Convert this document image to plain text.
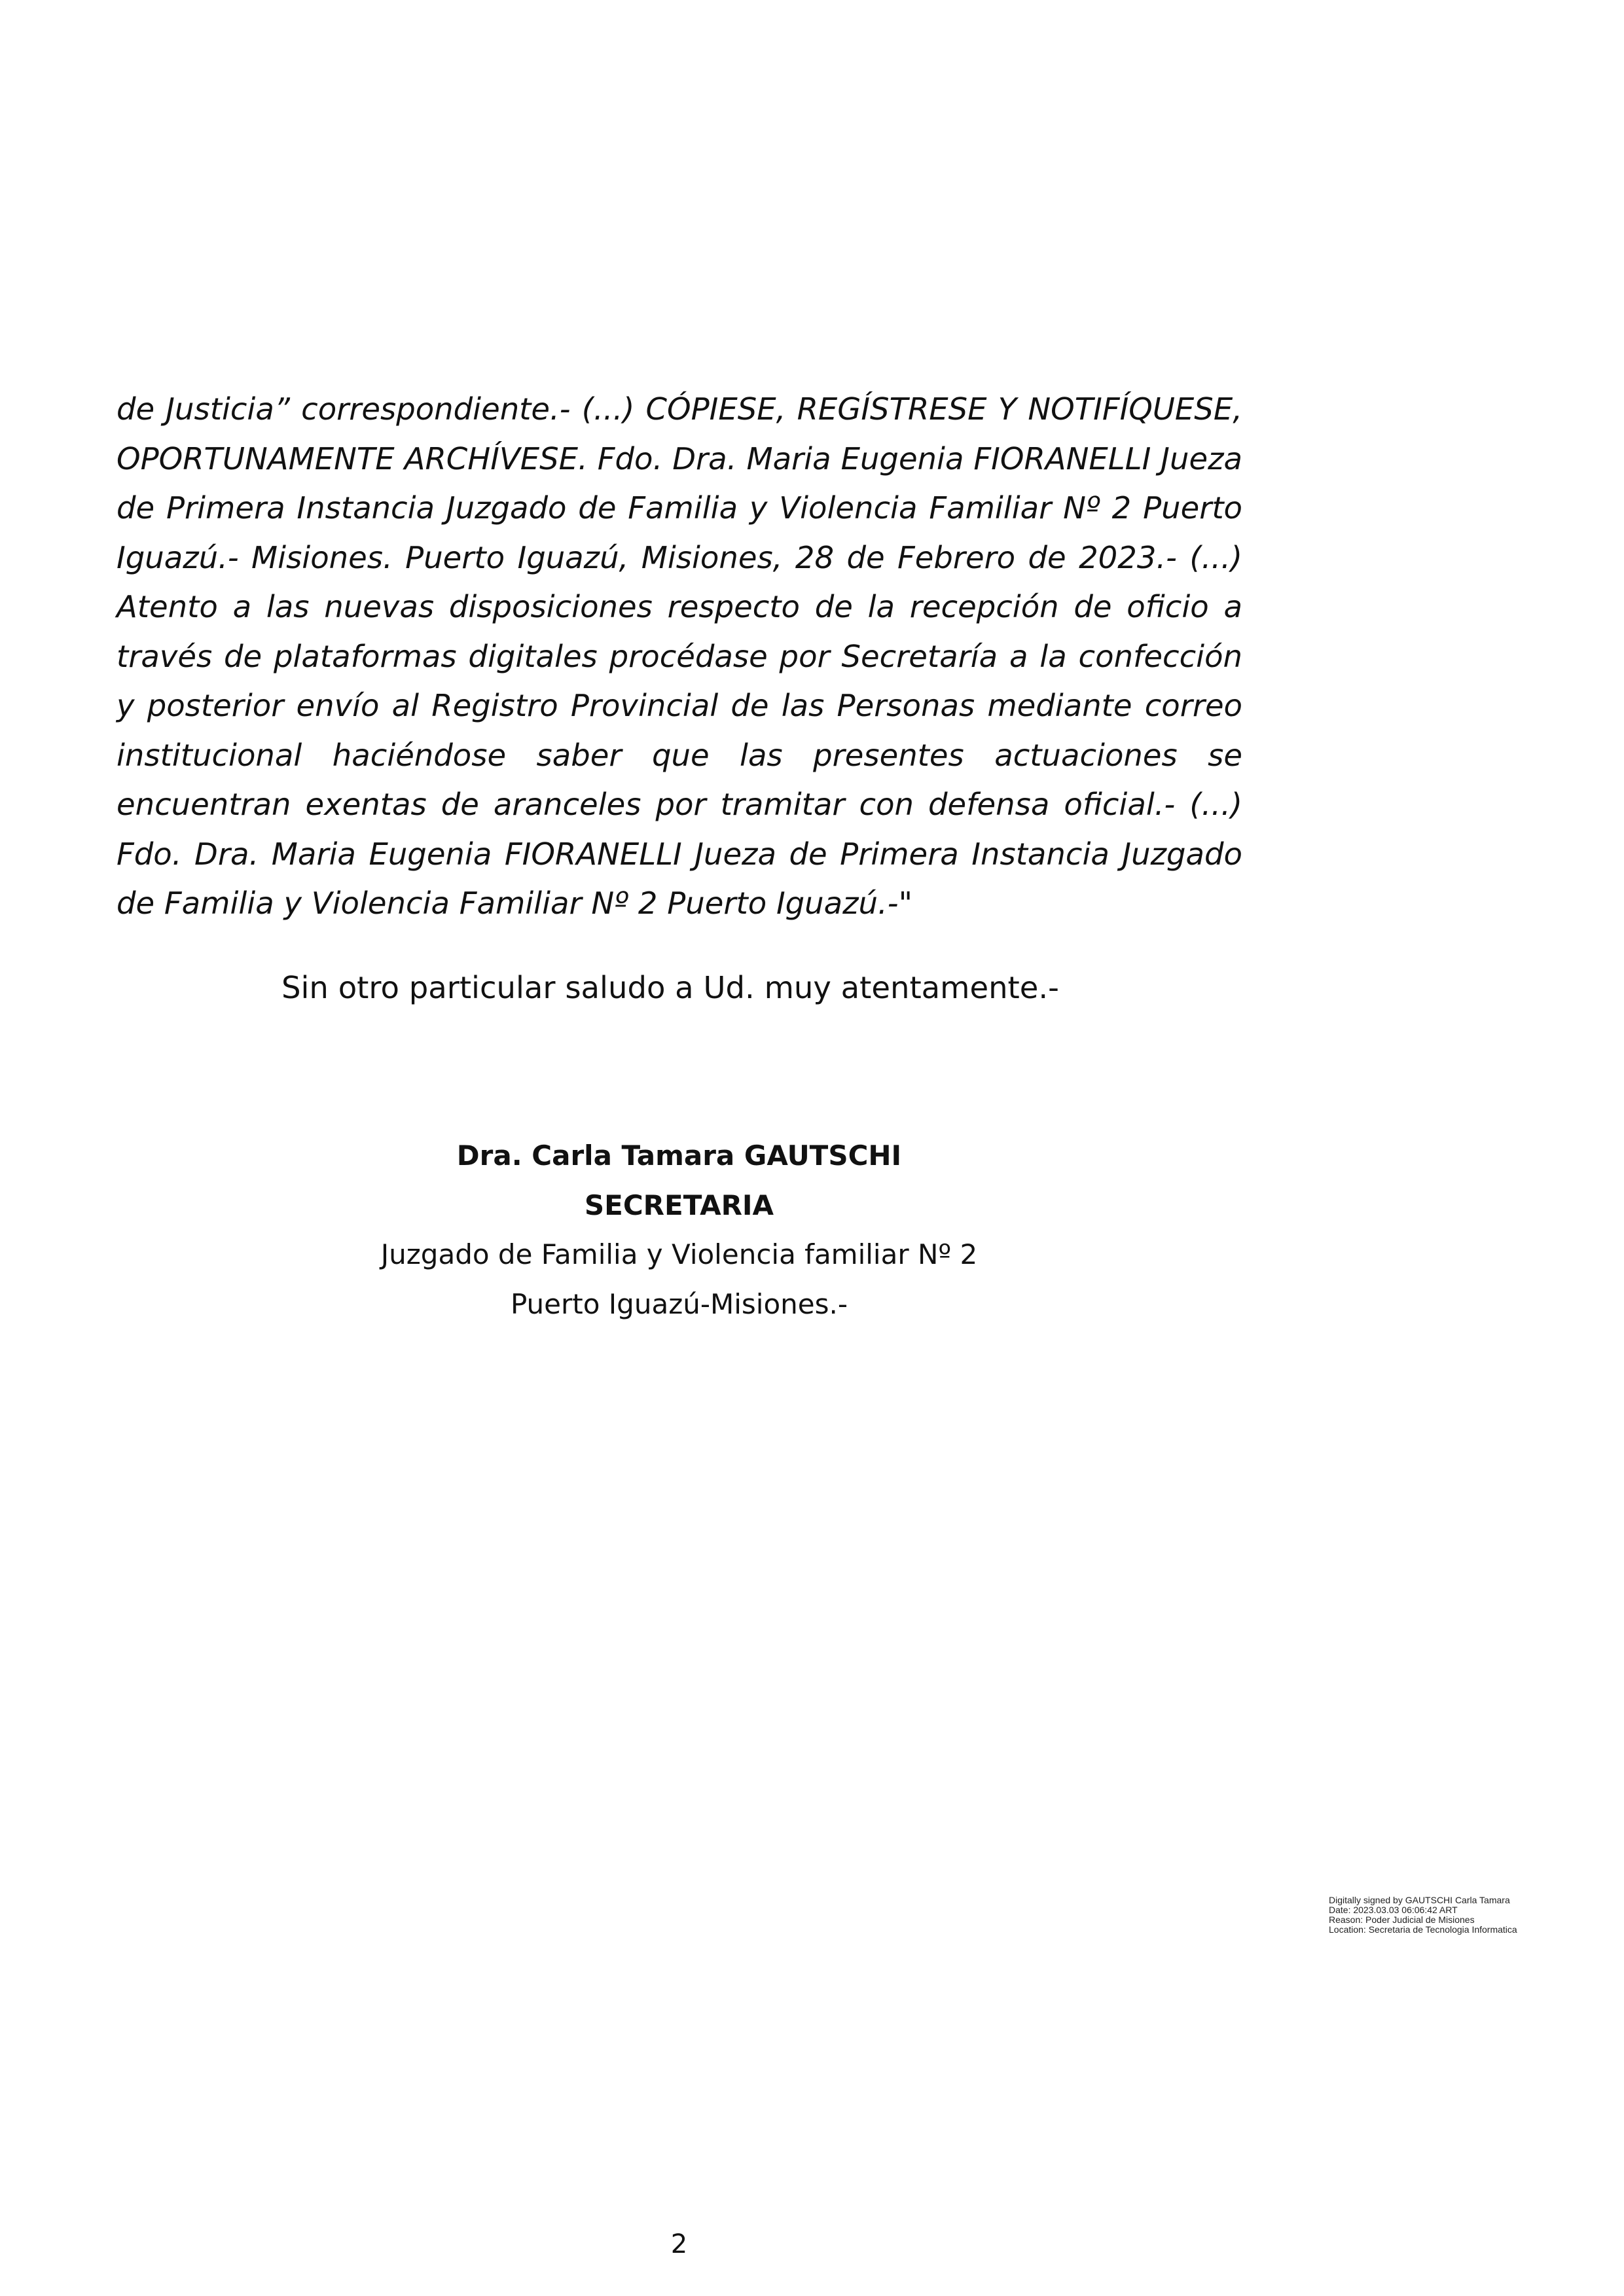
de Justicia” correspondiente.- (...) CÓPIESE, REGÍSTRESE Y NOTIFÍQUESE, OPORTUNAMENTE ARCHÍVESE. Fdo. Dra. Maria Eugenia FIORANELLI Jueza de Primera Instancia Juzgado de Familia y Violencia Familiar Nº 2 Puerto Iguazú.- Misiones. Puerto Iguazú, Misiones, 28 de Febrero de 2023.- (...) Atento a las nuevas disposiciones respecto de la recepción de oficio a través de plataformas digitales procédase por Secretaría a la confección y posterior envío al Registro Provincial de las Personas mediante correo institucional haciéndose saber que las presentes actuaciones se encuentran exentas de aranceles por tramitar con defensa oficial.- (...) Fdo. Dra. Maria Eugenia FIORANELLI Jueza de Primera Instancia Juzgado de Familia y Violencia Familiar Nº 2 Puerto Iguazú.-"

Sin otro particular saludo a Ud. muy atentamente.-

Dra. Carla Tamara GAUTSCHI
SECRETARIA
Juzgado de Familia y Violencia familiar Nº 2
Puerto Iguazú-Misiones.-
Digitally signed by GAUTSCHI Carla Tamara
Date: 2023.03.03 06:06:42 ART
Reason: Poder Judicial de Misiones
Location: Secretaria de Tecnologia Informatica
2
